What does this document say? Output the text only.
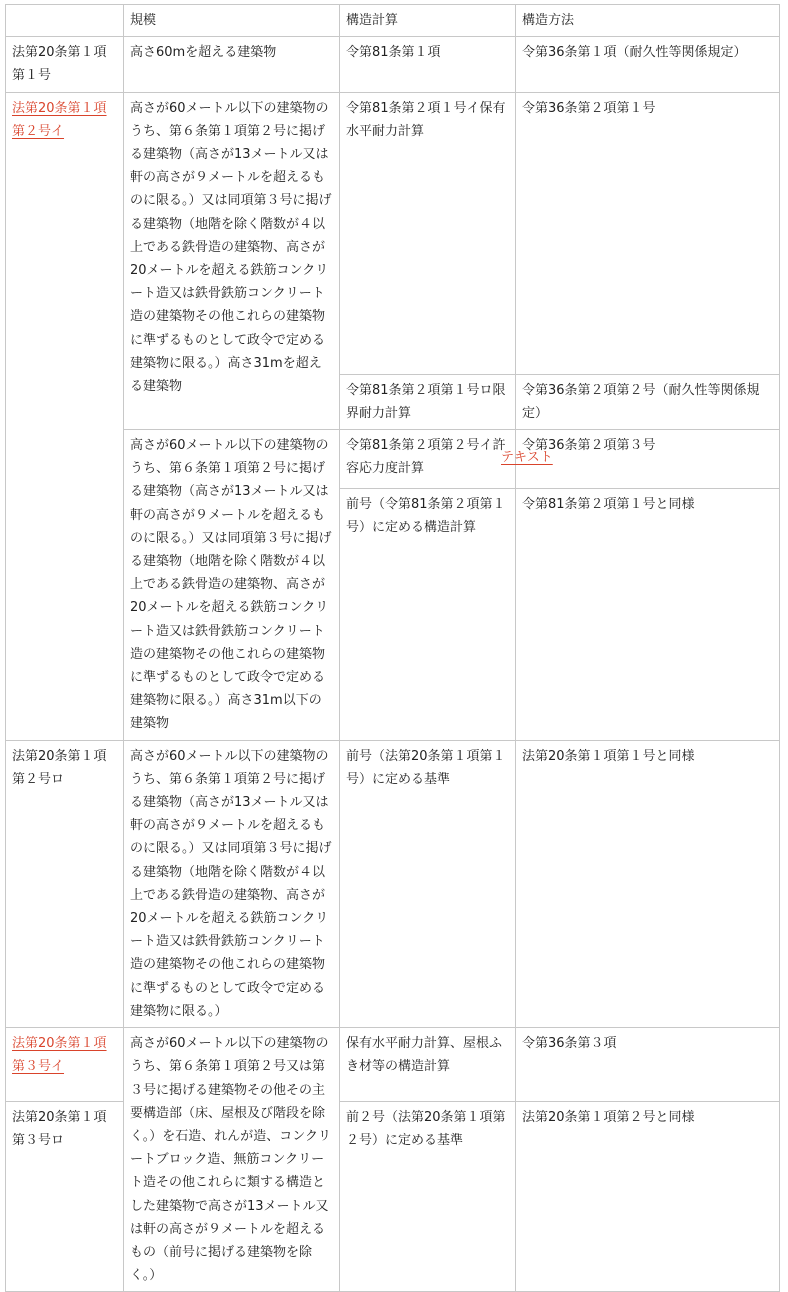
	規模	構造計算	構造方法
法第20条第１項第１号	高さ60mを超える建築物	令第81条第１項	令第36条第１項（耐久性等関係規定）
法第20条第１項第２号イ	高さが60メートル以下の建築物のうち、第６条第１項第２号に掲げる建築物（高さが13メートル又は軒の高さが９メートルを超えるものに限る。）又は同項第３号に掲げる建築物（地階を除く階数が４以上である鉄骨造の建築物、高さが20メートルを超える鉄筋コンクリート造又は鉄骨鉄筋コンクリート造の建築物その他これらの建築物に準ずるものとして政令で定める建築物に限る。）高さ31mを超える建築物	令第81条第２項１号イ保有水平耐力計算	令第36条第２項第１号
		令第81条第２項第１号ロ限界耐力計算	令第36条第２項第２号（耐久性等関係規定）
	高さが60メートル以下の建築物のうち、第６条第１項第２号に掲げる建築物（高さが13メートル又は軒の高さが９メートルを超えるものに限る。）又は同項第３号に掲げる建築物（地階を除く階数が４以上である鉄骨造の建築物、高さが20メートルを超える鉄筋コンクリート造又は鉄骨鉄筋コンクリート造の建築物その他これらの建築物に準ずるものとして政令で定める建築物に限る。）高さ31m以下の建築物	令第81条第２項第２号イ許容応力度計算	令第36条第２項第３号
		前号（令第81条第２項第１号）に定める構造計算	令第81条第２項第１号と同様
法第20条第１項第２号ロ	高さが60メートル以下の建築物のうち、第６条第１項第２号に掲げる建築物（高さが13メートル又は軒の高さが９メートルを超えるものに限る。）又は同項第３号に掲げる建築物（地階を除く階数が４以上である鉄骨造の建築物、高さが20メートルを超える鉄筋コンクリート造又は鉄骨鉄筋コンクリート造の建築物その他これらの建築物に準ずるものとして政令で定める建築物に限る。）	前号（法第20条第１項第１号）に定める基準	法第20条第１項第１号と同様
法第20条第１項第３号イ	高さが60メートル以下の建築物のうち、第６条第１項第２号又は第３号に掲げる建築物その他その主要構造部（床、屋根及び階段を除く。）を石造、れんが造、コンクリートブロック造、無筋コンクリート造その他これらに類する構造とした建築物で高さが13メートル又は軒の高さが９メートルを超えるもの（前号に掲げる建築物を除く。）	保有水平耐力計算、屋根ふき材等の構造計算	令第36条第３項
法第20条第１項第３号ロ		前２号（法第20条第１項第２号）に定める基準	法第20条第１項第２号と同様
テキスト
